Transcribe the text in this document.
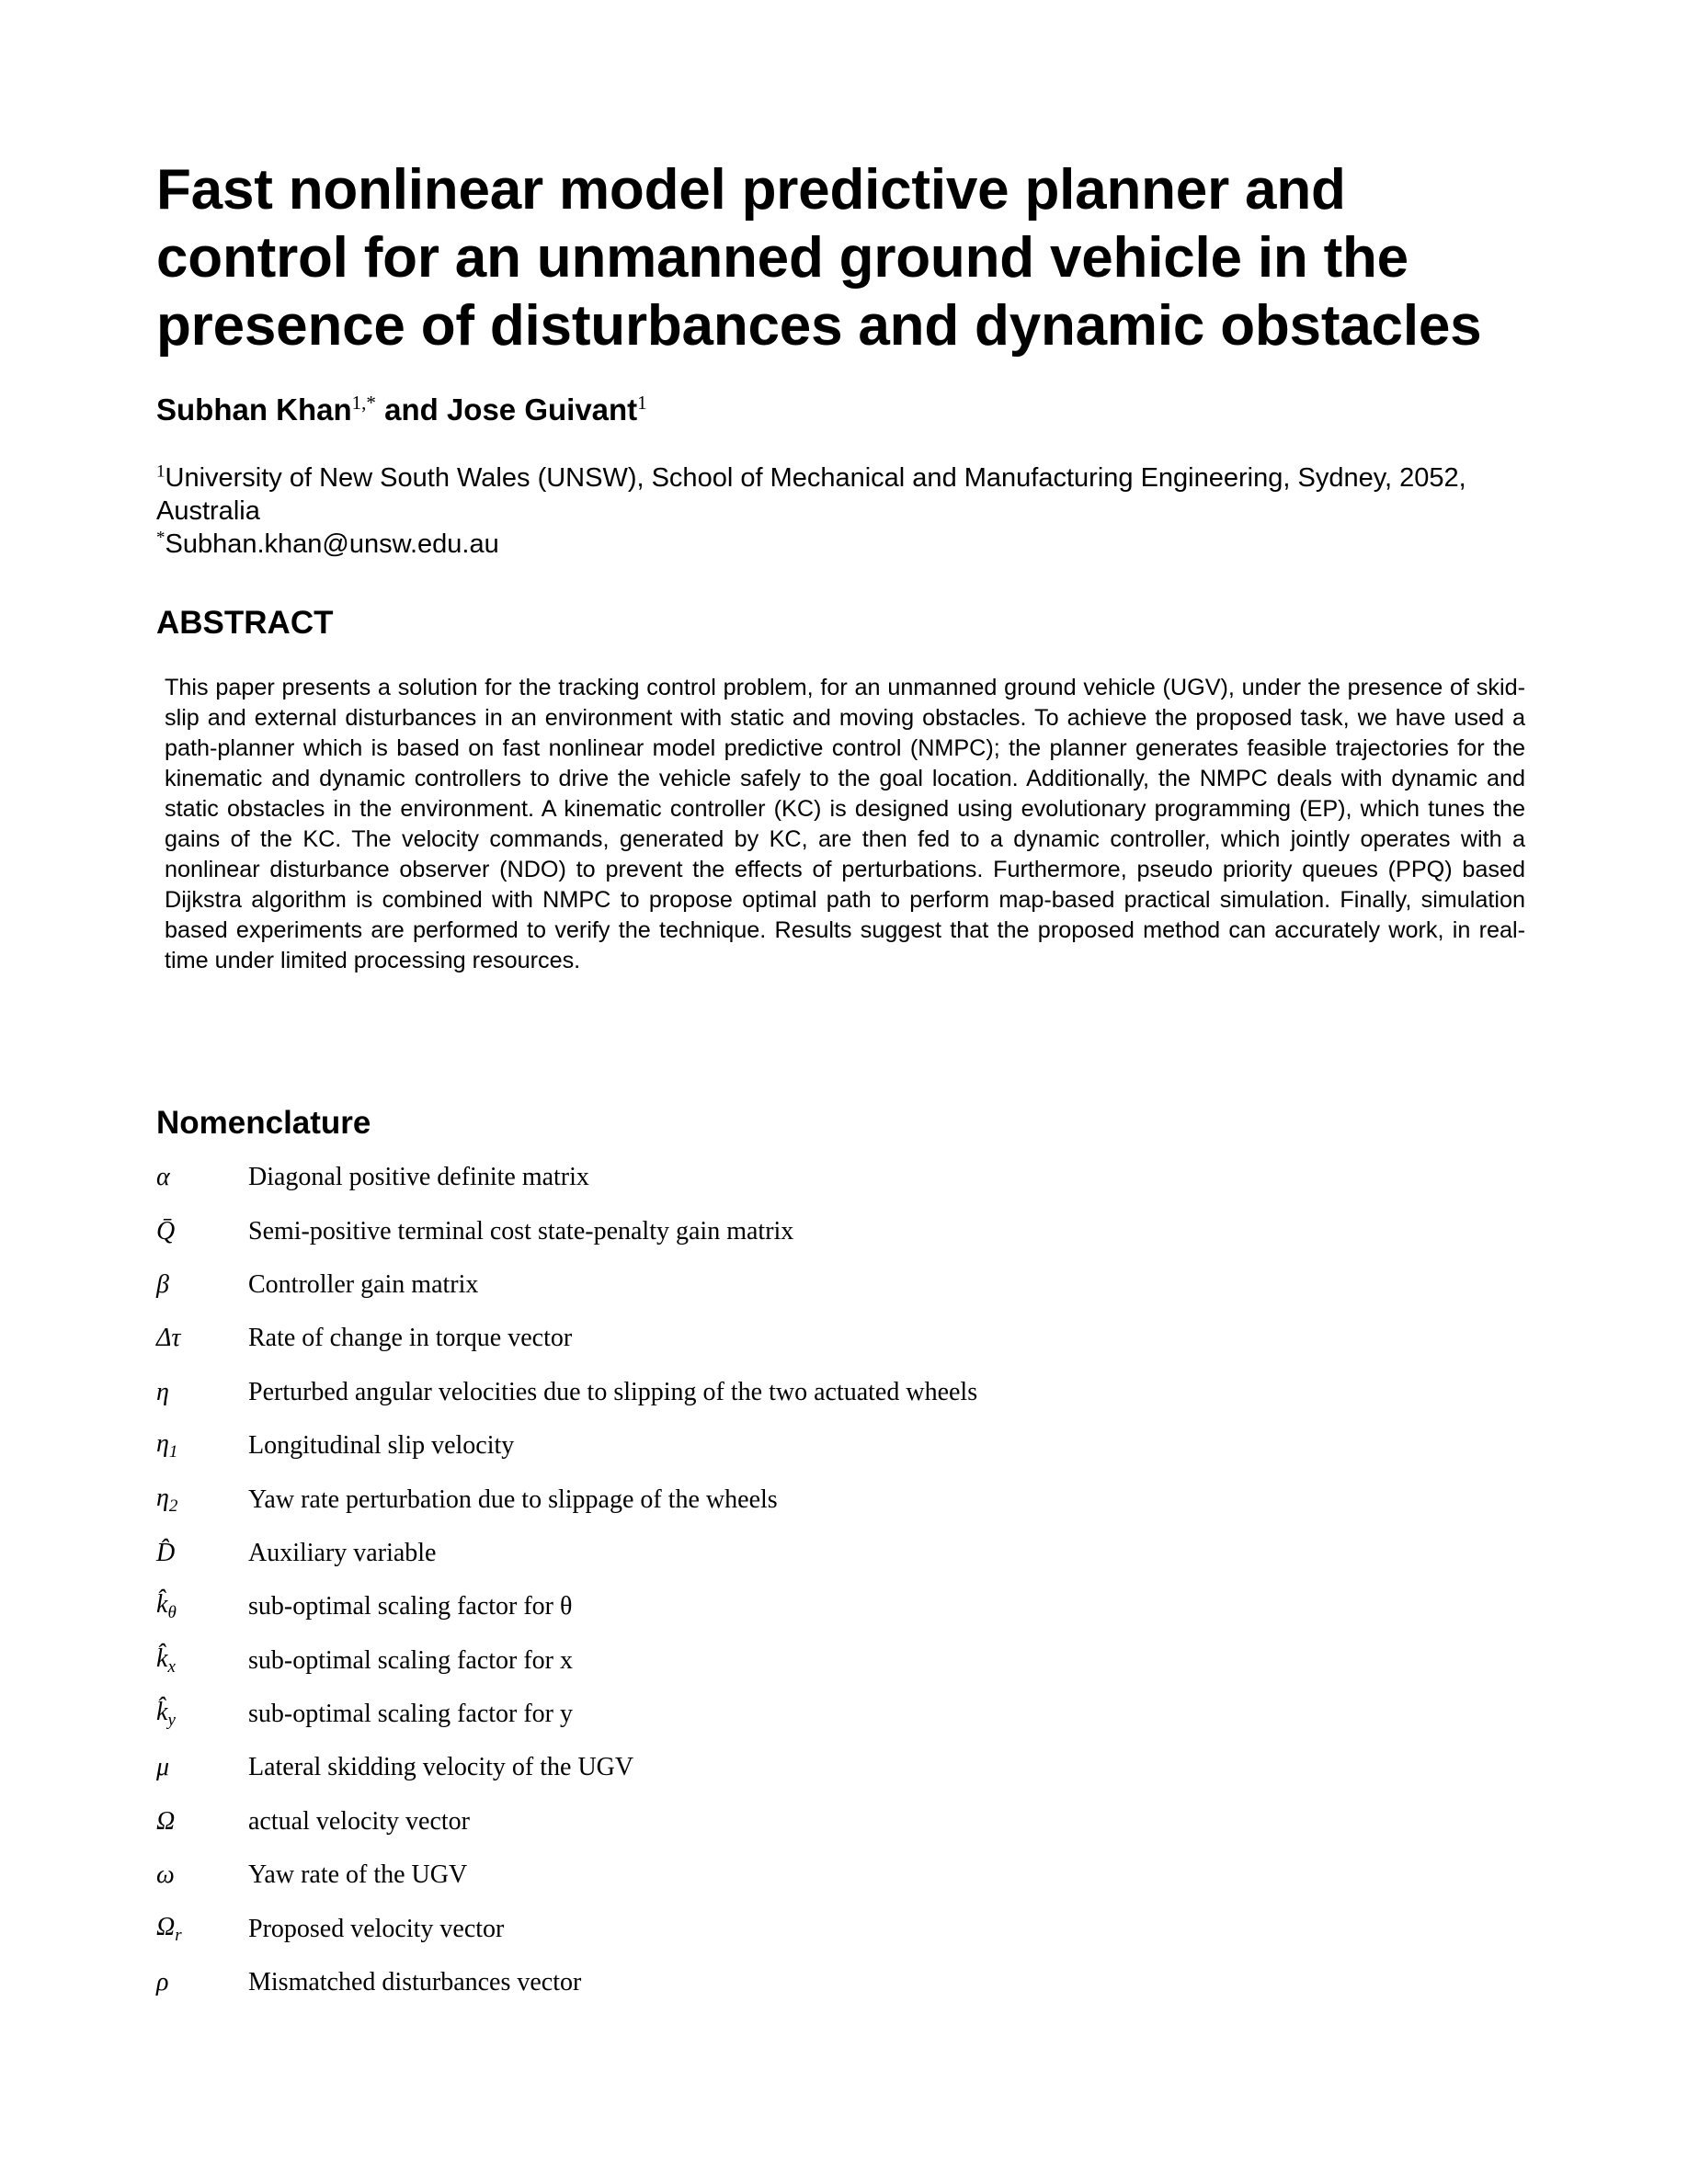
Fast nonlinear model predictive planner and control for an unmanned ground vehicle in the presence of disturbances and dynamic obstacles
Subhan Khan$^{1,*}$ and Jose Guivant$^1$
$^1$University of New South Wales (UNSW), School of Mechanical and Manufacturing Engineering, Sydney, 2052, Australia
*Subhan.khan@unsw.edu.au
ABSTRACT

This paper presents a solution for the tracking control problem, for an unmanned ground vehicle (UGV), under the presence of skid-slip and external disturbances in an environment with static and moving obstacles. To achieve the proposed task, we have used a path-planner which is based on fast nonlinear model predictive control (NMPC); the planner generates feasible trajectories for the kinematic and dynamic controllers to drive the vehicle safely to the goal location. Additionally, the NMPC deals with dynamic and static obstacles in the environment. A kinematic controller (KC) is designed using evolutionary programming (EP), which tunes the gains of the KC. The velocity commands, generated by KC, are then fed to a dynamic controller, which jointly operates with a nonlinear disturbance observer (NDO) to prevent the effects of perturbations. Furthermore, pseudo priority queues (PPQ) based Dijkstra algorithm is combined with NMPC to propose optimal path to perform map-based practical simulation. Finally, simulation based experiments are performed to verify the technique. Results suggest that the proposed method can accurately work, in real-time under limited processing resources.

Nomenclature
α	Diagonal positive definite matrix
Q̄	Semi-positive terminal cost state-penalty gain matrix
β	Controller gain matrix
Δτ	Rate of change in torque vector
η	Perturbed angular velocities due to slipping of the two actuated wheels
$\eta_1$	Longitudinal slip velocity
$\eta_2$	Yaw rate perturbation due to slippage of the wheels
D̂	Auxiliary variable
$k̂_\theta$	sub-optimal scaling factor for θ
$k̂_x$	sub-optimal scaling factor for x
$k̂_y$	sub-optimal scaling factor for y
μ	Lateral skidding velocity of the UGV
Ω	actual velocity vector
ω	Yaw rate of the UGV
$\Omega_r$	Proposed velocity vector
ρ	Mismatched disturbances vector
